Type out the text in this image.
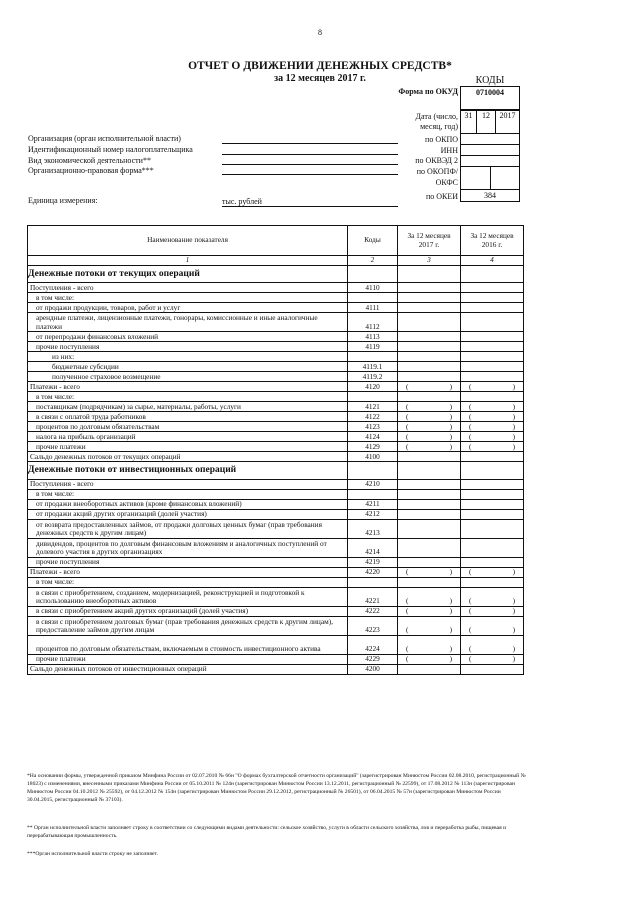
8
ОТЧЕТ О ДВИЖЕНИИ ДЕНЕЖНЫХ СРЕДСТВ*
за 12 месяцев 2017 г.	КОДЫ
0710004
Форма по ОКУД
Дата (число,
месяц, год)
31	12	2017
по ОКПО
ИНН
по ОКВЭД 2
по ОКОПФ/
ОКФС
384
по ОКЕИ
Организация (орган исполнительной власти)
Идентификационный номер налогоплательщика
Вид экономической деятельности**
Организационно-правовая форма***
Единица измерения:	тыс. рублей
Наименование показателя	Коды	За 12 месяцев 2017 г.	За 12 месяцев 2016 г.
1	2	3	4
Денежные потоки от текущих операций			
Поступления - всего	4110		
в том числе:			
от продажи продукции, товаров, работ и услуг	4111		
арендные платежи, лицензионные платежи, гонорары, комиссионные и иные аналогичные платежи	4112		
от перепродажи финансовых вложений	4113		
прочие поступления	4119		
из них:			
бюджетные субсидии	4119.1		
полученное страховое возмещение	4119.2		
Платежи - всего	4120	( )	( )

в том числе:			
поставщикам (подрядчикам) за сырье, материалы, работы, услуги	4121	( )	( )

в связи с оплатой труда работников	4122	( )	( )

процентов по долговым обязательствам	4123	( )	( )

налога на прибыль организаций	4124	( )	( )

прочие платежи	4129	( )	( )

Сальдо денежных потоков от текущих операций	4100		
Денежные потоки от инвестиционных операций			
Поступления - всего	4210		
в том числе:			
от продажи внеоборотных активов (кроме финансовых вложений)	4211		
от продажи акций других организаций (долей участия)	4212		
от возврата предоставленных займов, от продажи долговых ценных бумаг (прав требования денежных средств к другим лицам)	4213		
дивидендов, процентов по долговым финансовым вложениям и аналогичных поступлений от долевого участия в других организациях	4214		
прочие поступления	4219		
Платежи - всего	4220	( )	( )

в том числе:			
в связи с приобретением, созданием, модернизацией, реконструкцией и подготовкой к использованию внеоборотных активов	4221	( )	( )

в связи с приобретением акций других организаций (долей участия)	4222	( )	( )

в связи с приобретением долговых бумаг (прав требования денежных средств к другим лицам), предоставление займов другим лицам	4223	( )	( )

процентов по долговым обязательствам, включаемым в стоимость инвестиционного актива	4224	( )	( )

прочие платежи	4229	( )	( )

Сальдо денежных потоков от инвестиционных операций	4200		
*На основании формы, утвержденной приказом Минфина России от 02.07.2010 № 66н "О формах бухгалтерской отчетности организаций" (зарегистрирован Минюстом России 02.08.2010, регистрационный № 18023) с изменениями, внесенными приказами Минфина России от 05.10.2011 № 124н (зарегистрирован Минюстом России 13.12.2011, регистрационный № 22599), от 17.08.2012 № 113н (зарегистрирован Минюстом России 04.10.2012 № 25592), от 04.12.2012 № 154н (зарегистрирован Минюстом России 29.12.2012, регистрационный № 26501), от 06.04.2015 № 57н (зарегистрирован Минюстом России 30.04.2015, регистрационный № 37103).
** Орган исполнительной власти заполняет строку в соответствии со следующими видами деятельности: сельское хозяйство, услуги в области сельского хозяйства, лов и переработка рыбы, пищевая и перерабатывающая промышленность.
***Орган исполнительной власти строку не заполняет.
